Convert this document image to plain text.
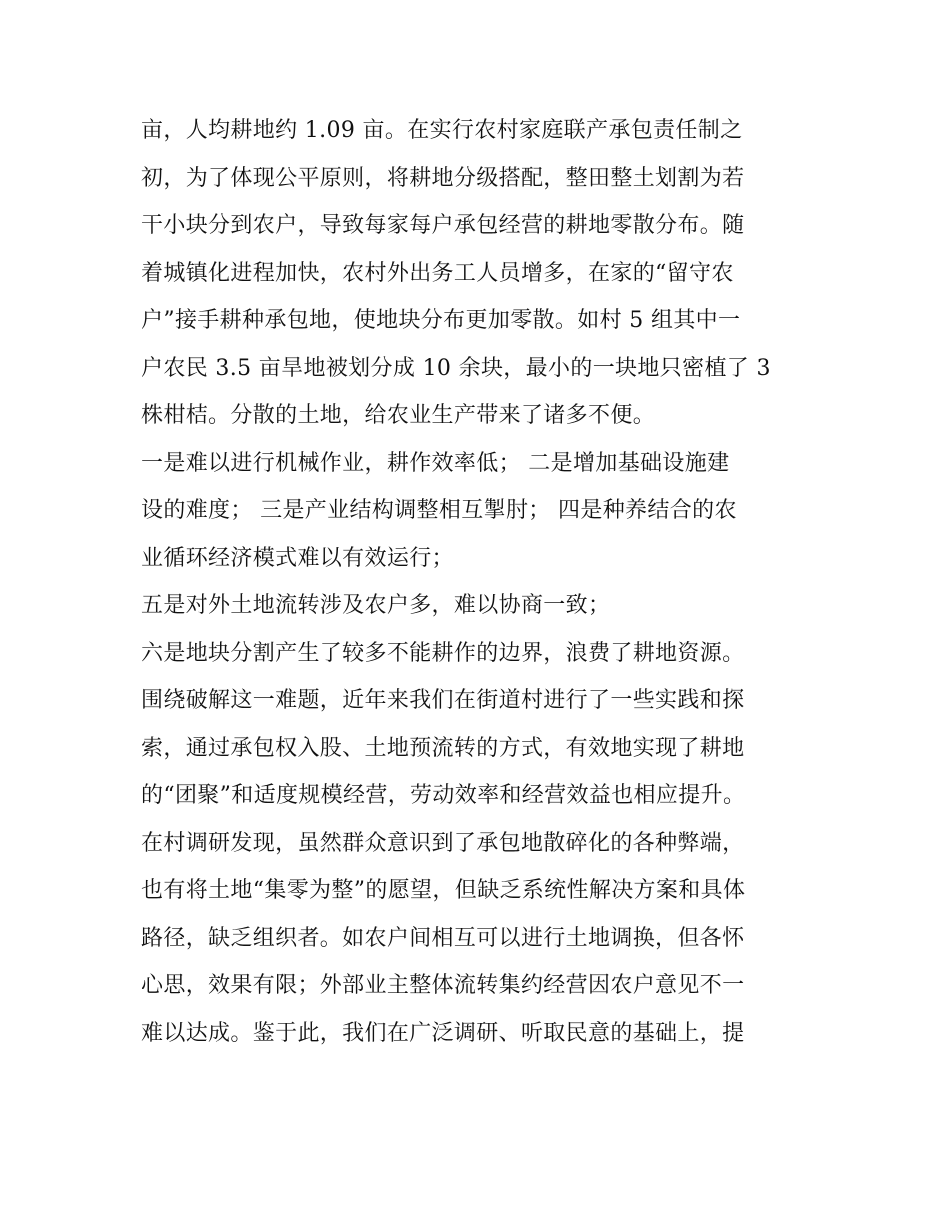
亩，人均耕地约 1.09 亩。在实行农村家庭联产承包责任制之
初，为了体现公平原则，将耕地分级搭配，整田整土划割为若
干小块分到农户，导致每家每户承包经营的耕地零散分布。随
着城镇化进程加快，农村外出务工人员增多，在家的“留守农
户”接手耕种承包地，使地块分布更加零散。如村 5 组其中一
户农民 3.5 亩旱地被划分成 10 余块，最小的一块地只密植了 3
株柑桔。分散的土地，给农业生产带来了诸多不便。
一是难以进行机械作业，耕作效率低； 二是增加基础设施建
设的难度； 三是产业结构调整相互掣肘； 四是种养结合的农
业循环经济模式难以有效运行；
五是对外土地流转涉及农户多，难以协商一致；
六是地块分割产生了较多不能耕作的边界，浪费了耕地资源。
围绕破解这一难题，近年来我们在街道村进行了一些实践和探
索，通过承包权入股、土地预流转的方式，有效地实现了耕地
的“团聚”和适度规模经营，劳动效率和经营效益也相应提升。
在村调研发现，虽然群众意识到了承包地散碎化的各种弊端，
也有将土地“集零为整”的愿望，但缺乏系统性解决方案和具体
路径，缺乏组织者。如农户间相互可以进行土地调换，但各怀
心思，效果有限；外部业主整体流转集约经营因农户意见不一
难以达成。鉴于此，我们在广泛调研、听取民意的基础上，提
